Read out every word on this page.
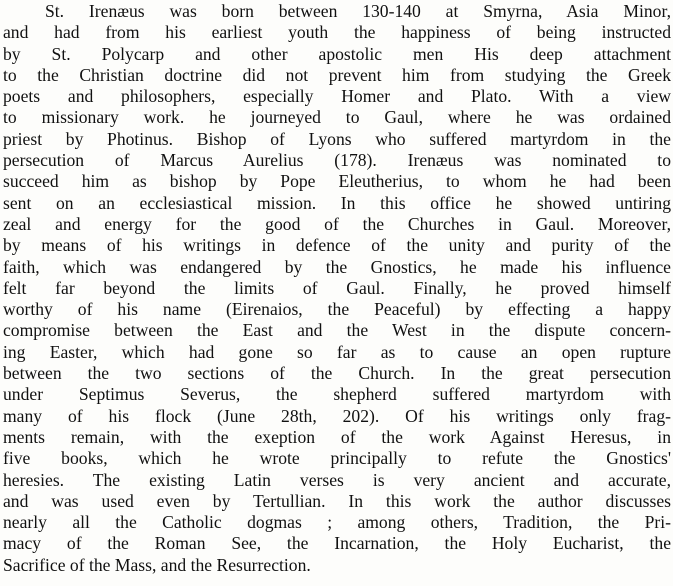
St. Irenæus was born between 130-140 at Smyrna, Asia Minor,
and had from his earliest youth the happiness of being instructed
by St. Polycarp and other apostolic men His deep attachment
to the Christian doctrine did not prevent him from studying the Greek
poets and philosophers, especially Homer and Plato. With a view
to missionary work. he journeyed to Gaul, where he was ordained
priest by Photinus. Bishop of Lyons who suffered martyrdom in the
persecution of Marcus Aurelius (178). Irenæus was nominated to
succeed him as bishop by Pope Eleutherius, to whom he had been
sent on an ecclesiastical mission. In this office he showed untiring
zeal and energy for the good of the Churches in Gaul. Moreover,
by means of his writings in defence of the unity and purity of the
faith, which was endangered by the Gnostics, he made his influence
felt far beyond the limits of Gaul. Finally, he proved himself
worthy of his name (Eirenaios, the Peaceful) by effecting a happy
compromise between the East and the West in the dispute concern-
ing Easter, which had gone so far as to cause an open rupture
between the two sections of the Church. In the great persecution
under Septimus Severus, the shepherd suffered martyrdom with
many of his flock (June 28th, 202). Of his writings only frag-
ments remain, with the exeption of the work Against Heresus, in
five books, which he wrote principally to refute the Gnostics'
heresies. The existing Latin verses is very ancient and accurate,
and was used even by Tertullian. In this work the author discusses
nearly all the Catholic dogmas ; among others, Tradition, the Pri-
macy of the Roman See, the Incarnation, the Holy Eucharist, the
Sacrifice of the Mass, and the Resurrection.
